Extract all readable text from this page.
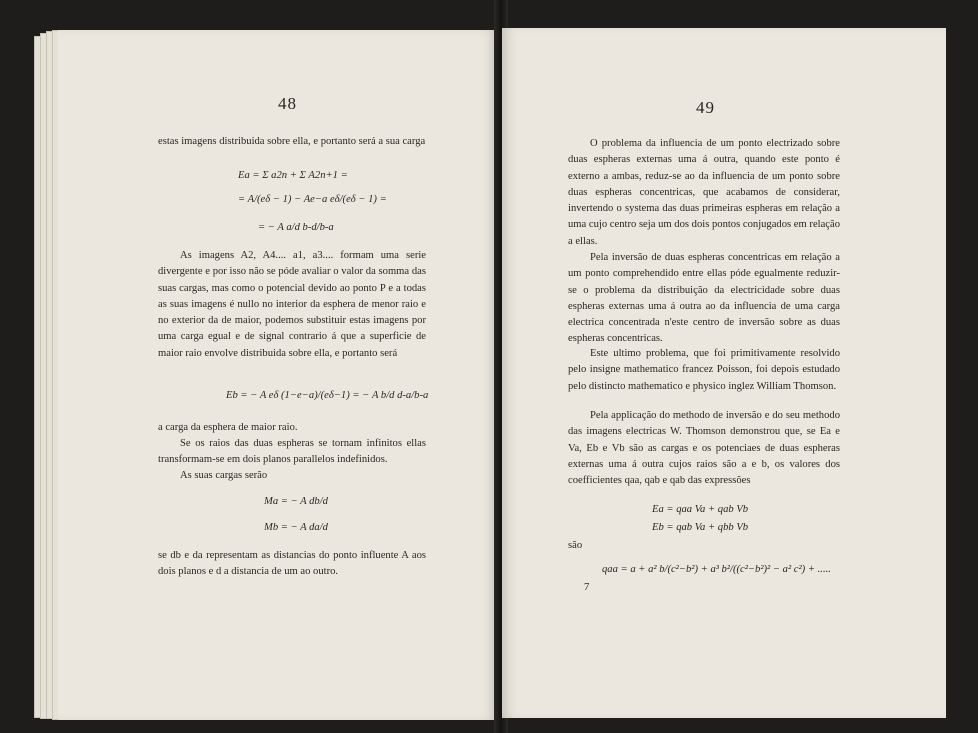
48

estas imagens distribuida sobre ella, e portanto será a sua carga

Ea = Σ a2n + Σ A2n+1 =
= A/(eδ − 1) − Ae−a eδ/(eδ − 1) =
= − A a/d b-d/b-a

As imagens A2, A4.... a1, a3.... formam uma serie divergente e por isso não se póde avaliar o valor da somma das suas cargas, mas como o potencial devido ao ponto P e a todas as suas imagens é nullo no interior da esphera de menor raio e no exterior da de maior, podemos substituir estas imagens por uma carga egual e de signal contrario á que a superficie de maior raio envolve distribuida sobre ella, e portanto será

Eb = − A eδ (1−e−a)/(eδ−1) = − A b/d d-a/b-a

a carga da esphera de maior raio.

Se os raios das duas espheras se tornam infinitos ellas transformam-se em dois planos parallelos indefinidos.

As suas cargas serão

Ma = − A db/d
Mb = − A da/d

se db e da representam as distancias do ponto influente A aos dois planos e d a distancia de um ao outro.

49

O problema da influencia de um ponto electrizado sobre duas espheras externas uma á outra, quando este ponto é externo a ambas, reduz-se ao da influencia de um ponto sobre duas espheras concentricas, que acabamos de considerar, invertendo o systema das duas primeiras espheras em relação a uma cujo centro seja um dos dois pontos conjugados em relação a ellas.

Pela inversão de duas espheras concentricas em relação a um ponto comprehendido entre ellas póde egualmente reduzir-se o problema da distribuição da electricidade sobre duas espheras externas uma á outra ao da influencia de uma carga electrica concentrada n'este centro de inversão sobre as duas espheras concentricas.

Este ultimo problema, que foi primitivamente resolvido pelo insigne mathematico francez Poisson, foi depois estudado pelo distincto mathematico e physico inglez William Thomson.

Pela applicação do methodo de inversão e do seu methodo das imagens electricas W. Thomson demonstrou que, se Ea e Va, Eb e Vb são as cargas e os potenciaes de duas espheras externas uma á outra cujos raios são a e b, os valores dos coefficientes qaa, qab e qab das expressões

Ea = qaa Va + qab Vb
Eb = qab Va + qbb Vb

são

qaa = a + a² b/(c²−b²) + a³ b²/((c²−b²)² − a² c²) + .....
7
